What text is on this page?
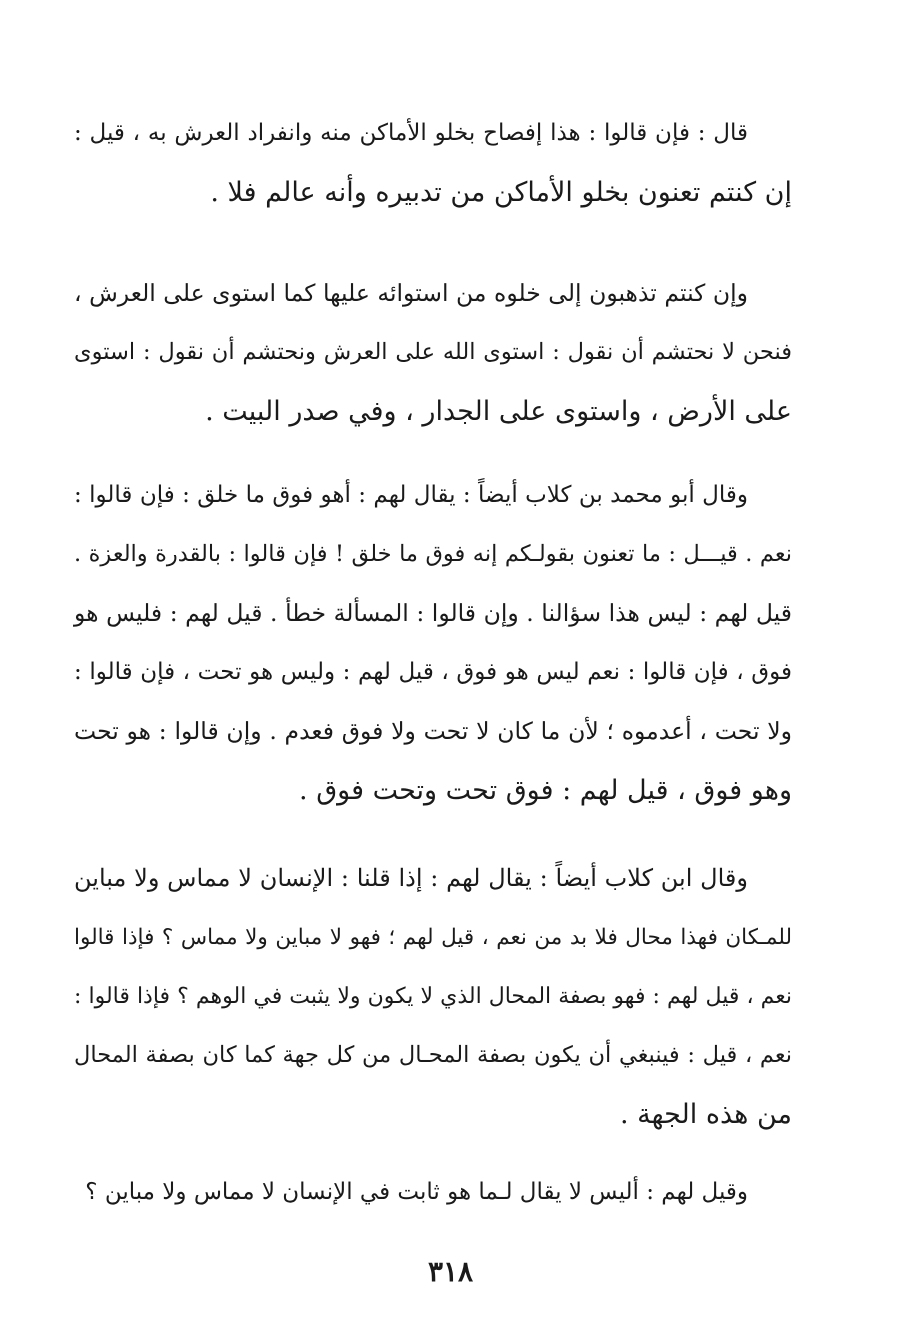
قال : فإن قالوا : هذا إفصاح بخلو الأماكن منه وانفراد العرش به ، قيل :
إن كنتم تعنون بخلو الأماكن من تدبيره وأنه عالم فلا .
وإن كنتم تذهبون إلى خلوه من استوائه عليها كما استوى على العرش ،
فنحن لا نحتشم أن نقول : استوى الله على العرش ونحتشم أن نقول : استوى
على الأرض ، واستوى على الجدار ، وفي صدر البيت .
وقال أبو محمد بن كلاب أيضاً : يقال لهم : أهو فوق ما خلق : فإن قالوا :
نعم . قيـــل : ما تعنون بقولـكم إنه فوق ما خلق ! فإن قالوا : بالقدرة والعزة .
قيل لهم : ليس هذا سؤالنا . وإن قالوا : المسألة خطأ . قيل لهم : فليس هو
فوق ، فإن قالوا : نعم ليس هو فوق ، قيل لهم : وليس هو تحت ، فإن قالوا :
ولا تحت ، أعدموه ؛ لأن ما كان لا تحت ولا فوق فعدم . وإن قالوا : هو تحت
وهو فوق ، قيل لهم : فوق تحت وتحت فوق .
وقال ابن كلاب أيضاً : يقال لهم : إذا قلنا : الإنسان لا مماس ولا مباين
للمـكان فهذا محال فلا بد من نعم ، قيل لهم ؛ فهو لا مباين ولا مماس ؟ فإذا قالوا
نعم ، قيل لهم : فهو بصفة المحال الذي لا يكون ولا يثبت في الوهم ؟ فإذا قالوا :
نعم ، قيل : فينبغي أن يكون بصفة المحـال من كل جهة كما كان بصفة المحال
من هذه الجهة .
وقيل لهم : أليس لا يقال لـما هو ثابت في الإنسان لا مماس ولا مباين ؟
٣١٨
